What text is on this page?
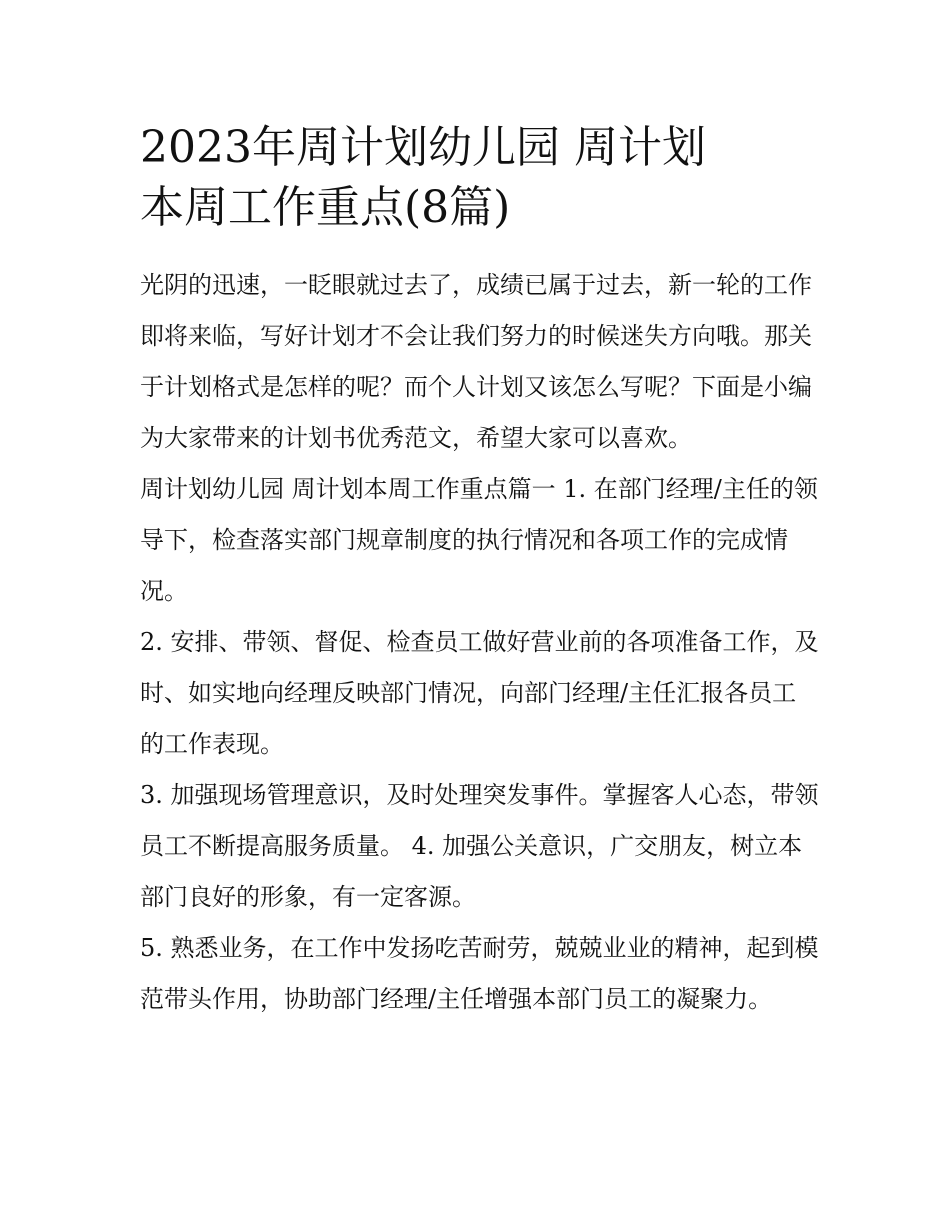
2023年周计划幼儿园 周计划
本周工作重点(8篇)

光阴的迅速，一眨眼就过去了，成绩已属于过去，新一轮的工作即将来临，写好计划才不会让我们努力的时候迷失方向哦。那关于计划格式是怎样的呢？而个人计划又该怎么写呢？下面是小编为大家带来的计划书优秀范文，希望大家可以喜欢。

周计划幼儿园 周计划本周工作重点篇一 1. 在部门经理/主任的领导下，检查落实部门规章制度的执行情况和各项工作的完成情况。

2. 安排、带领、督促、检查员工做好营业前的各项准备工作，及时、如实地向经理反映部门情况，向部门经理/主任汇报各员工的工作表现。

3. 加强现场管理意识，及时处理突发事件。掌握客人心态，带领员工不断提高服务质量。 4. 加强公关意识，广交朋友，树立本部门良好的形象，有一定客源。

5. 熟悉业务，在工作中发扬吃苦耐劳，兢兢业业的精神，起到模范带头作用，协助部门经理/主任增强本部门员工的凝聚力。
